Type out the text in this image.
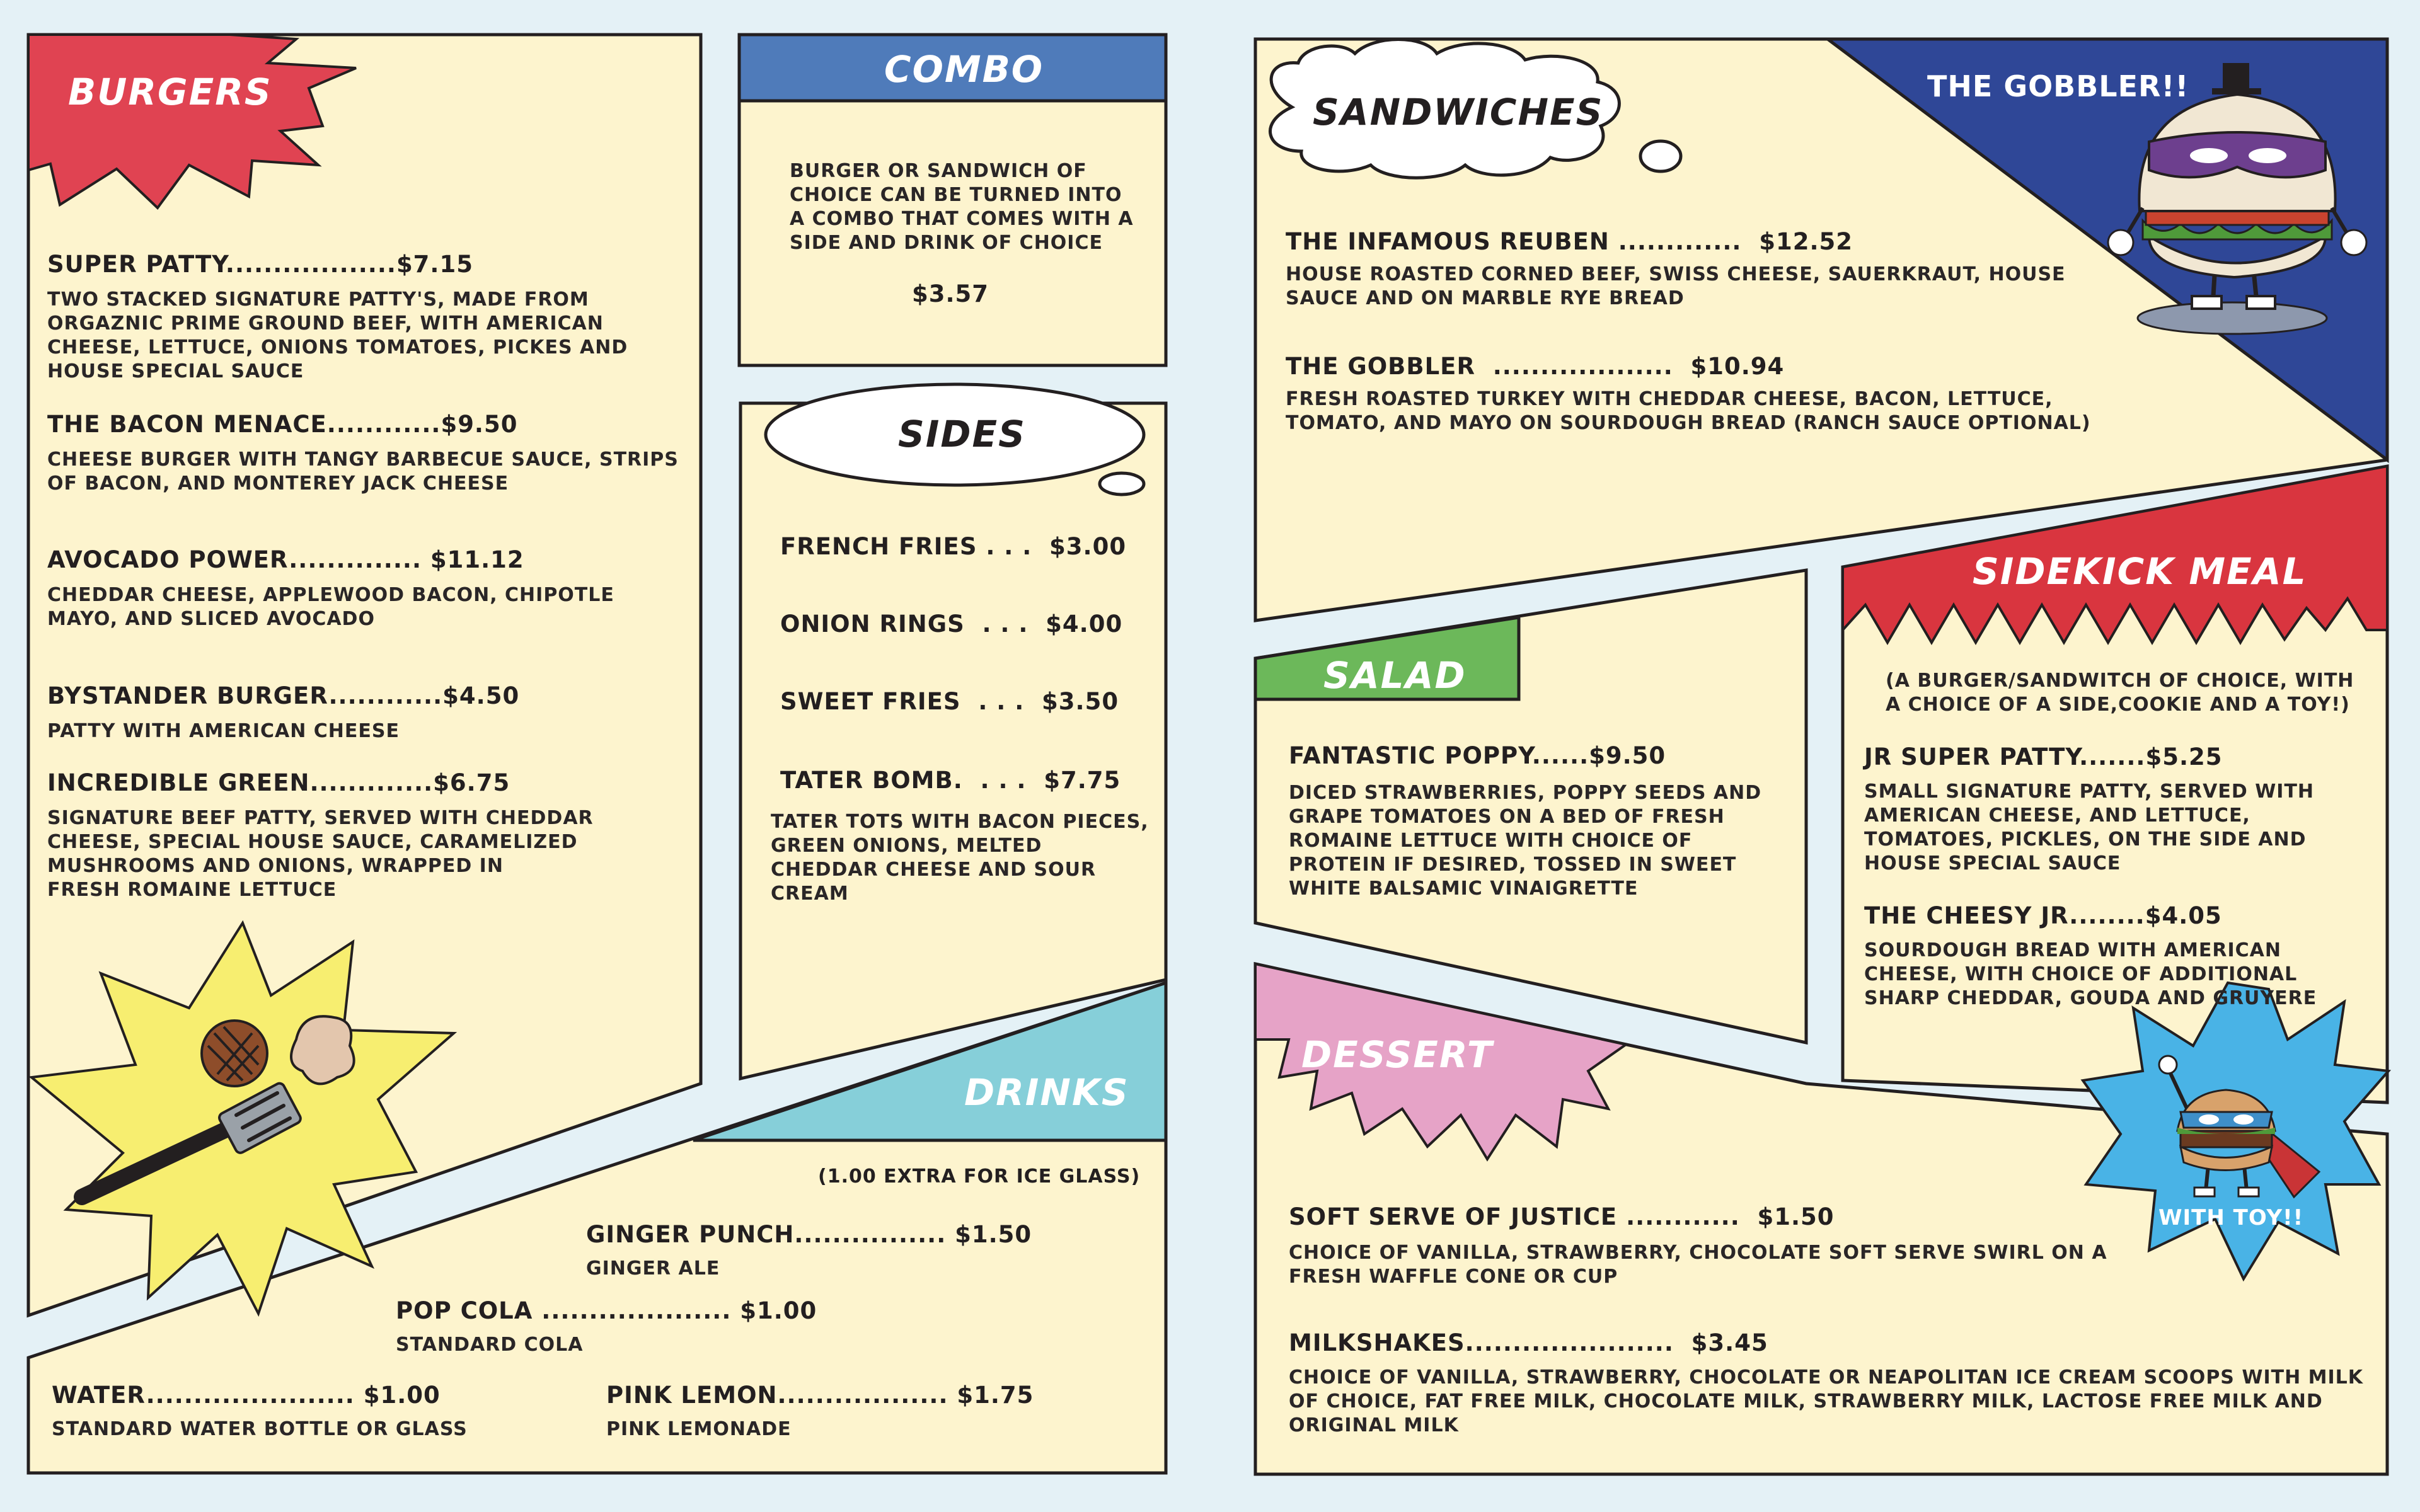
BURGERS
SUPER PATTY..................$7.15
TWO STACKED SIGNATURE PATTY'S, MADE FROM ORGAZNIC PRIME GROUND BEEF, WITH AMERICAN CHEESE, LETTUCE, ONIONS TOMATOES, PICKES AND HOUSE SPECIAL SAUCE
THE BACON MENACE............$9.50
CHEESE BURGER WITH TANGY BARBECUE SAUCE, STRIPS OF BACON, AND MONTEREY JACK CHEESE
AVOCADO POWER.............. $11.12
CHEDDAR CHEESE, APPLEWOOD BACON, CHIPOTLE MAYO, AND SLICED AVOCADO
BYSTANDER BURGER............$4.50
PATTY WITH AMERICAN CHEESE
INCREDIBLE GREEN.............$6.75
SIGNATURE BEEF PATTY, SERVED WITH CHEDDAR CHEESE, SPECIAL HOUSE SAUCE, CARAMELIZED MUSHROOMS AND ONIONS, WRAPPED IN
FRESH ROMAINE LETTUCE
COMBO
BURGER OR SANDWICH OF CHOICE CAN BE TURNED INTO A COMBO THAT COMES WITH A SIDE AND DRINK OF CHOICE
$3.57
SIDES
FRENCH FRIES . . .  $3.00
ONION RINGS  . . .  $4.00
SWEET FRIES  . . .  $3.50
TATER BOMB.  . . .  $7.75
TATER TOTS WITH BACON PIECES, GREEN ONIONS, MELTED CHEDDAR CHEESE AND SOUR CREAM
DRINKS
(1.00 EXTRA FOR ICE GLASS)
GINGER PUNCH................ $1.50
GINGER ALE
POP COLA .................... $1.00
STANDARD COLA
WATER...................... $1.00
STANDARD WATER BOTTLE OR GLASS
PINK LEMON.................. $1.75
PINK LEMONADE
SANDWICHES
THE INFAMOUS REUBEN .............  $12.52
HOUSE ROASTED CORNED BEEF, SWISS CHEESE, SAUERKRAUT, HOUSE SAUCE AND ON MARBLE RYE BREAD
THE GOBBLER  ...................  $10.94
FRESH ROASTED TURKEY WITH CHEDDAR CHEESE, BACON, LETTUCE, TOMATO, AND MAYO ON SOURDOUGH BREAD (RANCH SAUCE OPTIONAL)
THE GOBBLER!!
SALAD
FANTASTIC POPPY......$9.50
DICED STRAWBERRIES, POPPY SEEDS AND GRAPE TOMATOES ON A BED OF FRESH ROMAINE LETTUCE WITH CHOICE OF PROTEIN IF DESIRED, TOSSED IN SWEET WHITE BALSAMIC VINAIGRETTE
SIDEKICK MEAL
(A BURGER/SANDWITCH OF CHOICE, WITH A CHOICE OF A SIDE,COOKIE AND A TOY!)
JR SUPER PATTY.......$5.25
SMALL SIGNATURE PATTY, SERVED WITH AMERICAN CHEESE, AND LETTUCE, TOMATOES, PICKLES, ON THE SIDE AND HOUSE SPECIAL SAUCE
THE CHEESY JR........$4.05
SOURDOUGH BREAD WITH AMERICAN CHEESE, WITH CHOICE OF ADDITIONAL SHARP CHEDDAR, GOUDA AND GRUYERE
WITH TOY!!
DESSERT
SOFT SERVE OF JUSTICE ............  $1.50
CHOICE OF VANILLA, STRAWBERRY, CHOCOLATE SOFT SERVE SWIRL ON A FRESH WAFFLE CONE OR CUP
MILKSHAKES......................  $3.45
CHOICE OF VANILLA, STRAWBERRY, CHOCOLATE OR NEAPOLITAN ICE CREAM SCOOPS WITH MILK OF CHOICE, FAT FREE MILK, CHOCOLATE MILK, STRAWBERRY MILK, LACTOSE FREE MILK AND ORIGINAL MILK
